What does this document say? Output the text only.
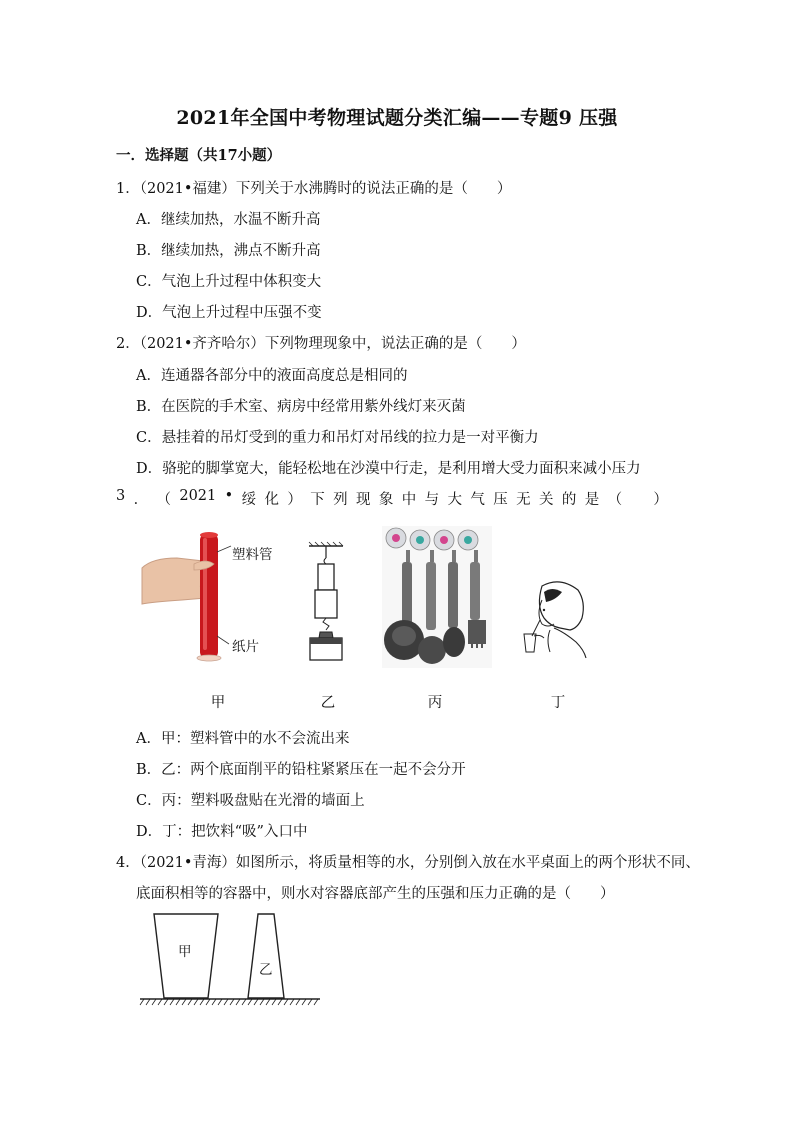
2021年全国中考物理试题分类汇编——专题9 压强
一．选择题（共17小题）
1．（2021•福建）下列关于水沸腾时的说法正确的是（　　）
A．继续加热，水温不断升高
B．继续加热，沸点不断升高
C．气泡上升过程中体积变大
D．气泡上升过程中压强不变
2．（2021•齐齐哈尔）下列物理现象中，说法正确的是（　　）
A．连通器各部分中的液面高度总是相同的
B．在医院的手术室、病房中经常用紫外线灯来灭菌
C．悬挂着的吊灯受到的重力和吊灯对吊线的拉力是一对平衡力
D．骆驼的脚掌宽大，能轻松地在沙漠中行走，是利用增大受力面积来减小压力
3 ． （ 2021 • 绥 化 ） 下 列 现 象 中 与 大 气 压 无 关 的 是 （
　 ）
塑料管
纸片
甲	乙	丙	丁
A．甲：塑料管中的水不会流出来
B．乙：两个底面削平的铅柱紧紧压在一起不会分开
C．丙：塑料吸盘贴在光滑的墙面上
D．丁：把饮料“吸”入口中
4．（2021•青海）如图所示，将质量相等的水，分别倒入放在水平桌面上的两个形状不同、
底面积相等的容器中，则水对容器底部产生的压强和压力正确的是（　　）
甲
乙
